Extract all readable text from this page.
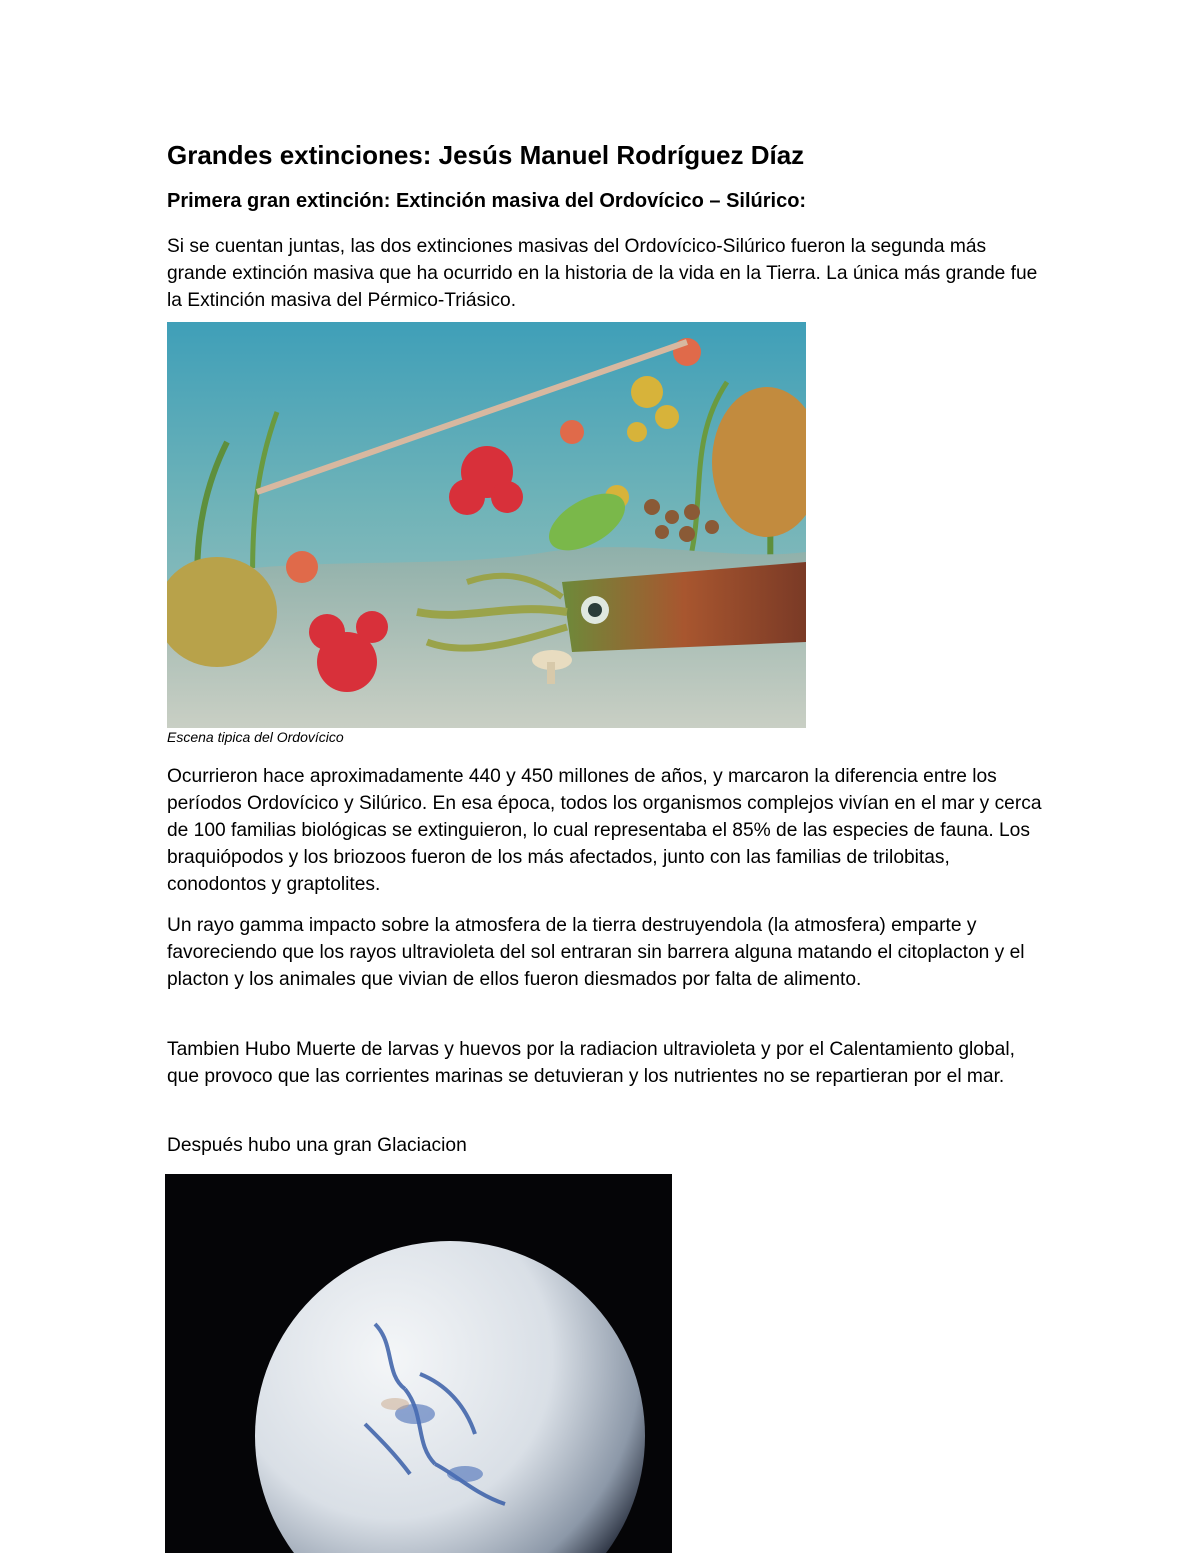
Grandes extinciones: Jesús Manuel Rodríguez Díaz
Primera gran extinción: Extinción masiva del Ordovícico – Silúrico:

Si se cuentan juntas, las dos extinciones masivas del Ordovícico-Silúrico fueron la segunda más grande extinción masiva que ha ocurrido en la historia de la vida en la Tierra. La única más grande fue la Extinción masiva del Pérmico-Triásico.

Escena tipica del Ordovícico

Ocurrieron hace aproximadamente 440 y 450 millones de años, y marcaron la diferencia entre los períodos Ordovícico y Silúrico. En esa época, todos los organismos complejos vivían en el mar y cerca de 100 familias biológicas se extinguieron, lo cual representaba el 85% de las especies de fauna. Los braquiópodos y los briozoos fueron de los más afectados, junto con las familias de trilobitas, conodontos y graptolites.

Un rayo gamma impacto sobre la atmosfera de la tierra destruyendola (la atmosfera) emparte y favoreciendo que los rayos ultravioleta del sol entraran sin barrera alguna matando el citoplacton y el placton y los animales que vivian de ellos fueron diesmados por falta de alimento.

Tambien Hubo Muerte de larvas y huevos por la radiacion ultravioleta y por el Calentamiento global, que provoco que las corrientes marinas se detuvieran y los nutrientes no se repartieran por el mar.

Después hubo una gran Glaciacion
